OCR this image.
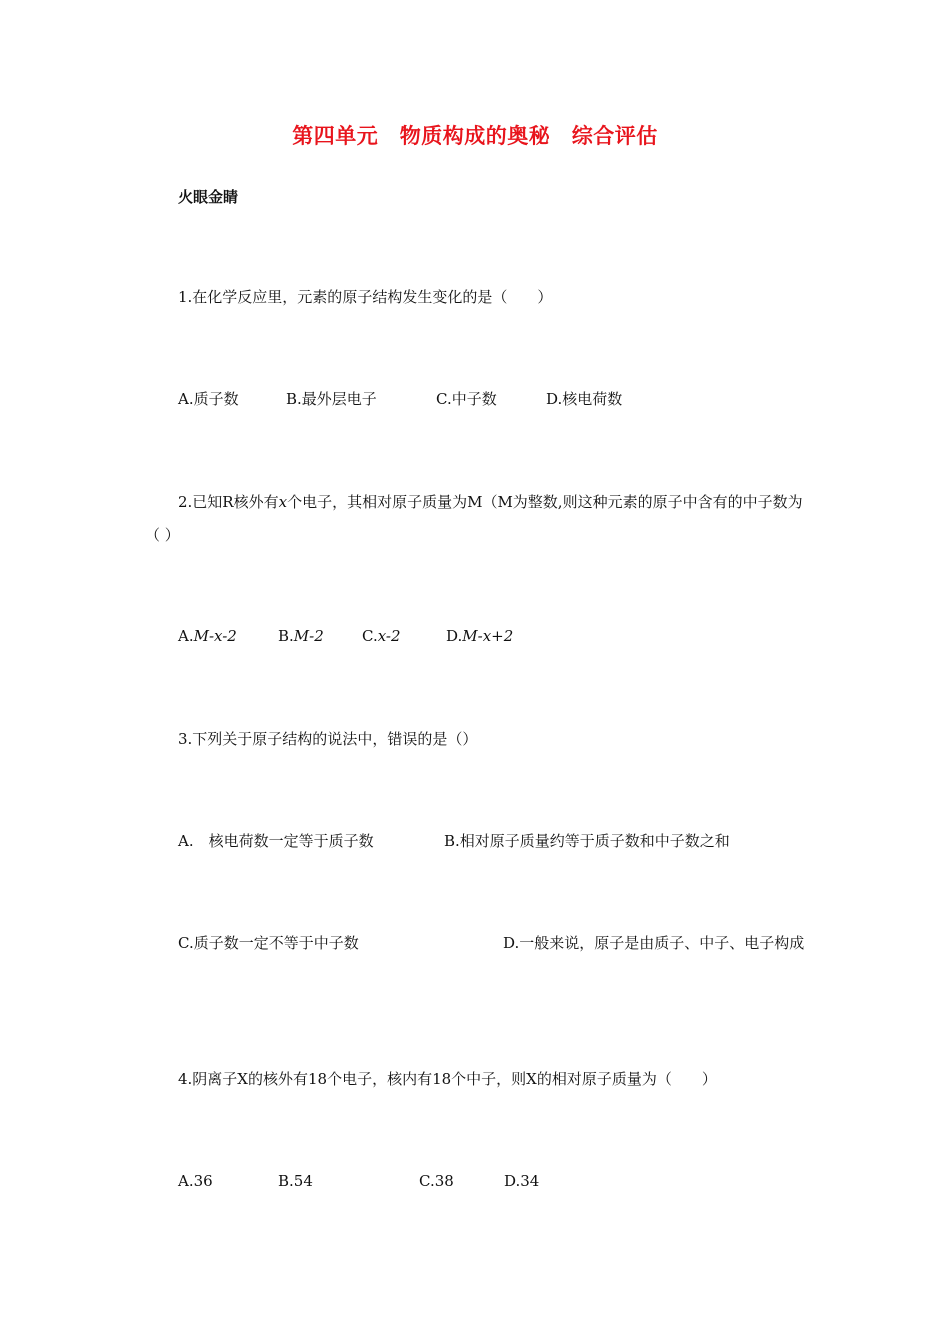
第四单元　物质构成的奥秘　综合评估
火眼金睛
1.在化学反应里，元素的原子结构发生变化的是（　　）
A.质子数	B.最外层电子	C.中子数	D.核电荷数
2.已知R核外有x个电子，其相对原子质量为M（M为整数,则这种元素的原子中含有的中子数为（ ）
A.M-x-2	B.M-2	C.x-2	D.M-x+2
3.下列关于原子结构的说法中，错误的是（）
A.　核电荷数一定等于质子数	B.相对原子质量约等于质子数和中子数之和
C.质子数一定不等于中子数	D.一般来说，原子是由质子、中子、电子构成
4.阴离子X的核外有18个电子，核内有18个中子，则X的相对原子质量为（　　）
A.36	B.54	C.38	D.34
